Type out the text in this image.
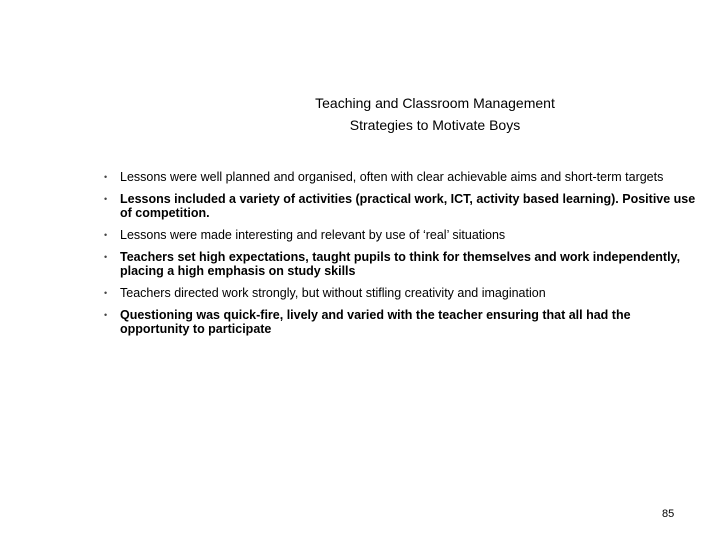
Teaching and Classroom Management
Strategies to Motivate Boys
• Lessons were well planned and organised, often with clear achievable aims and short-term targets
• Lessons included a variety of activities (practical work, ICT, activity based learning). Positive use of competition.
• Lessons were made interesting and relevant by use of ‘real’ situations
• Teachers set high expectations, taught pupils to think for themselves and work independently, placing a high emphasis on study skills
• Teachers directed work strongly, but without stifling creativity and imagination
• Questioning was quick-fire, lively and varied with the teacher ensuring that all had the opportunity to participate
85
